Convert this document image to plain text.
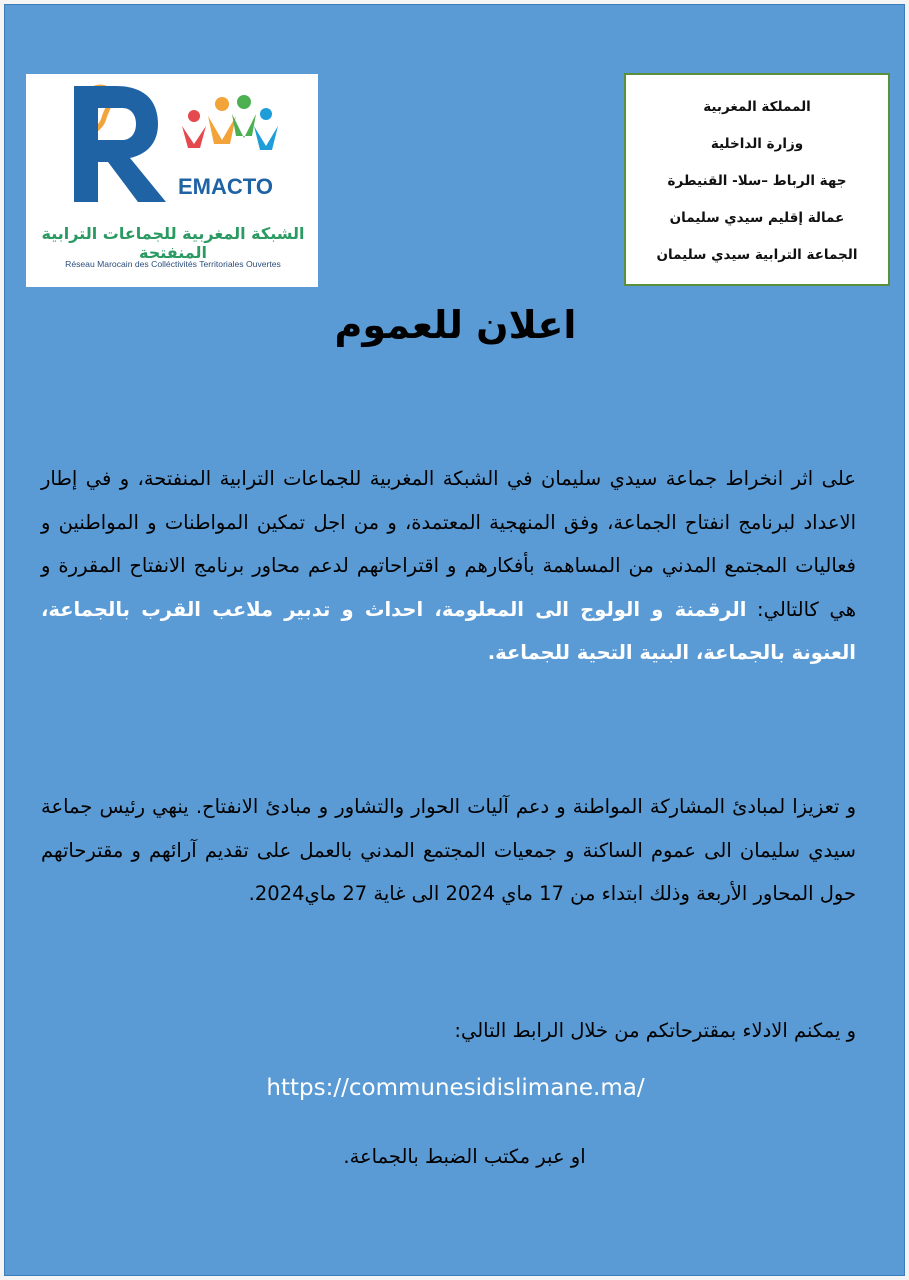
EMACTO
الشبكة المغربية للجماعات الترابية المنفتحة
Réseau Marocain des Colléctivités Territoriales Ouvertes
المملكة المغربية
وزارة الداخلية
جهة الرباط –سلا- القنيطرة
عمالة إقليم سيدي سليمان
الجماعة الترابية سيدي سليمان
اعلان للعموم
على اثر انخراط جماعة سيدي سليمان في الشبكة المغربية للجماعات الترابية المنفتحة، و في إطار الاعداد لبرنامج انفتاح الجماعة، وفق المنهجية المعتمدة، و من اجل تمكين المواطنات و المواطنين و فعاليات المجتمع المدني من المساهمة بأفكارهم و اقتراحاتهم لدعم محاور برنامج الانفتاح المقررة و هي كالتالي: الرقمنة و الولوج الى المعلومة، احداث و تدبير ملاعب القرب بالجماعة، العنونة بالجماعة، البنية التحية للجماعة.
و تعزيزا لمبادئ المشاركة المواطنة و دعم آليات الحوار والتشاور و مبادئ الانفتاح. ينهي رئيس جماعة سيدي سليمان الى عموم الساكنة و جمعيات المجتمع المدني بالعمل على تقديم آرائهم و مقترحاتهم حول المحاور الأربعة وذلك ابتداء من 17 ماي 2024 الى غاية 27 ماي2024.
و يمكنم الادلاء بمقترحاتكم من خلال الرابط التالي:
https://communesidislimane.ma/
او عبر مكتب الضبط بالجماعة.
